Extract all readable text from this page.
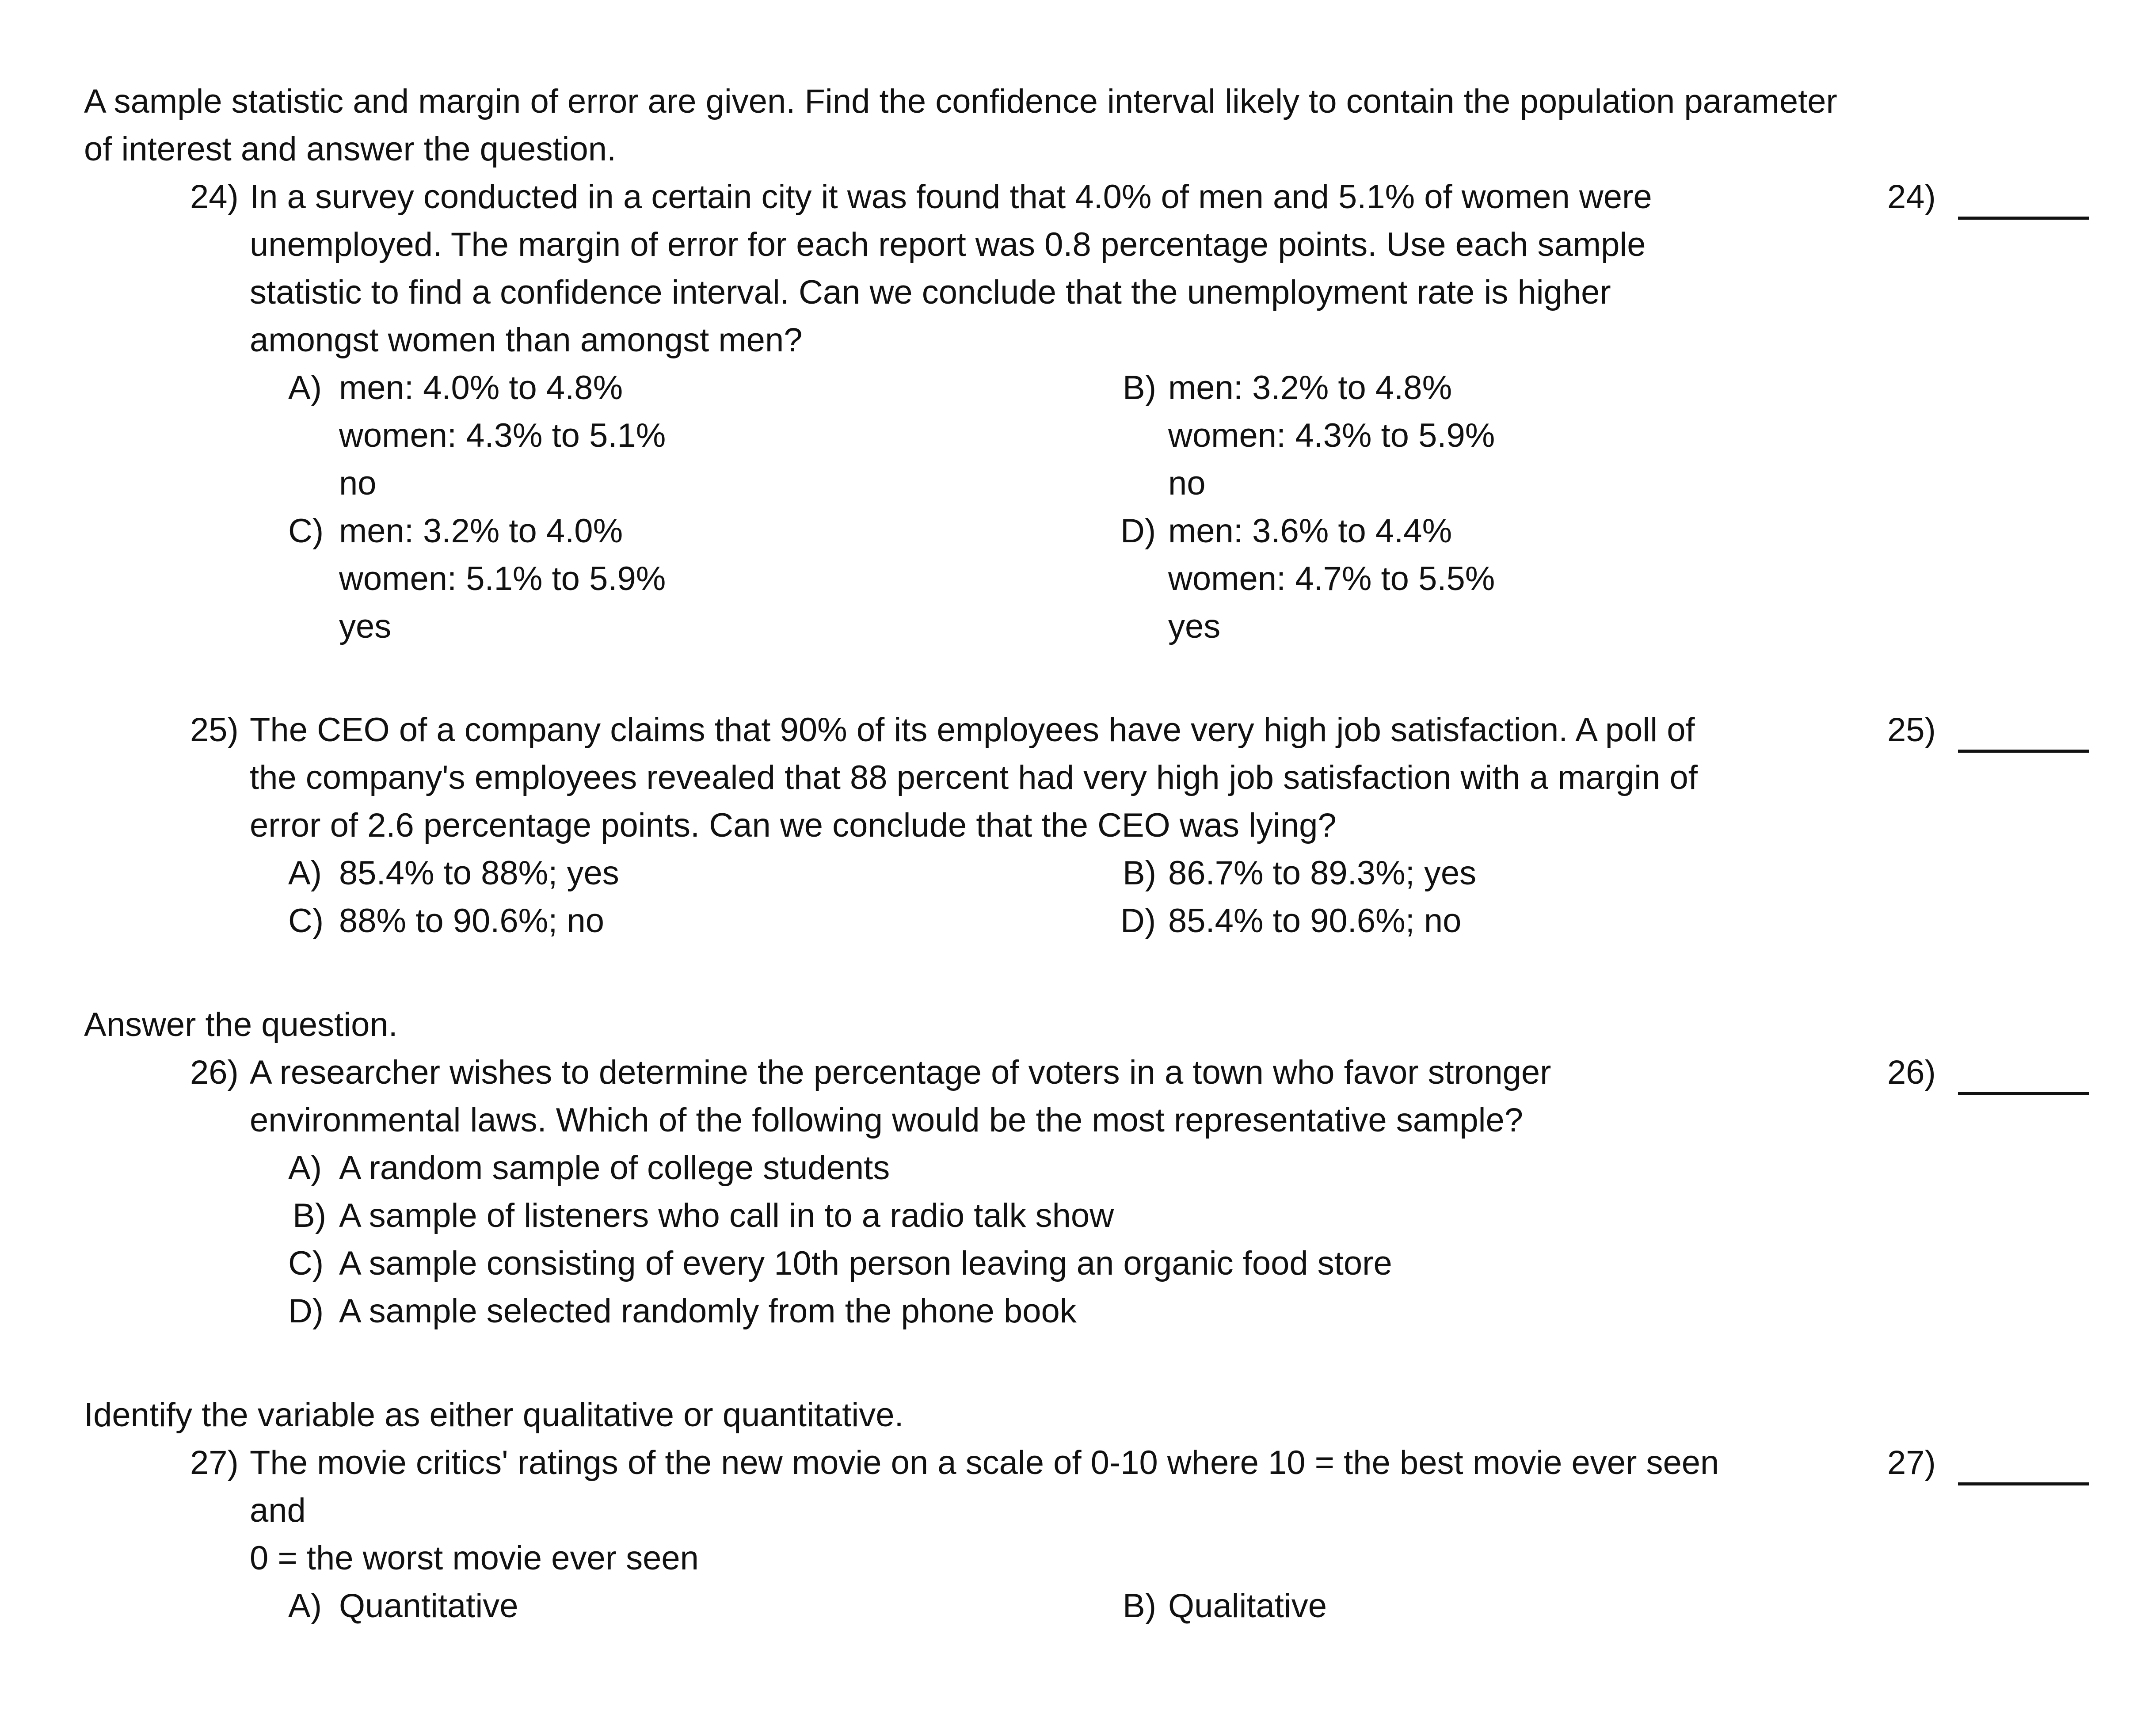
A sample statistic and margin of error are given. Find the confidence interval likely to contain the population parameter
of interest and answer the question.
24) In a survey conducted in a certain city it was found that 4.0% of men and 5.1% of women were
unemployed. The margin of error for each report was 0.8 percentage points. Use each sample
statistic to find a confidence interval. Can we conclude that the unemployment rate is higher
amongst women than amongst men?
24)
A) men: 4.0% to 4.8%
women: 4.3% to 5.1%
no
B) men: 3.2% to 4.8%
women: 4.3% to 5.9%
no
C) men: 3.2% to 4.0%
women: 5.1% to 5.9%
yes
D) men: 3.6% to 4.4%
women: 4.7% to 5.5%
yes
25) The CEO of a company claims that 90% of its employees have very high job satisfaction. A poll of
the company's employees revealed that 88 percent had very high job satisfaction with a margin of
error of 2.6 percentage points. Can we conclude that the CEO was lying?
25)
A) 85.4% to 88%; yes	B) 86.7% to 89.3%; yes
C) 88% to 90.6%; no	D) 85.4% to 90.6%; no
Answer the question.
26) A researcher wishes to determine the percentage of voters in a town who favor stronger
environmental laws. Which of the following would be the most representative sample?
26)
A) A random sample of college students
B) A sample of listeners who call in to a radio talk show
C) A sample consisting of every 10th person leaving an organic food store
D) A sample selected randomly from the phone book
Identify the variable as either qualitative or quantitative.
27) The movie critics' ratings of the new movie on a scale of 0-10 where 10 = the best movie ever seen
and
0 = the worst movie ever seen
27)
A) Quantitative	B) Qualitative
